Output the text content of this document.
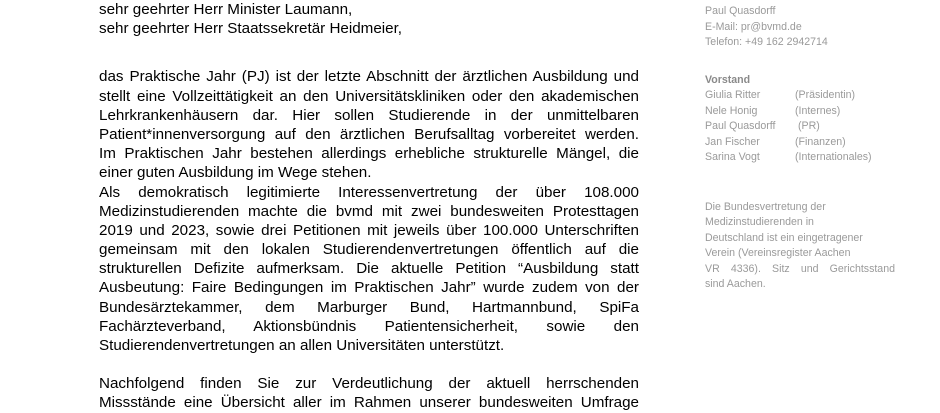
sehr geehrter Herr Minister Laumann,
sehr geehrter Herr Staatssekretär Heidmeier,
das Praktische Jahr (PJ) ist der letzte Abschnitt der ärztlichen Ausbildung und
stellt eine Vollzeittätigkeit an den Universitätskliniken oder den akademischen
Lehrkrankenhäusern dar. Hier sollen Studierende in der unmittelbaren
Patient*innenversorgung auf den ärztlichen Berufsalltag vorbereitet werden.
Im Praktischen Jahr bestehen allerdings erhebliche strukturelle Mängel, die
einer guten Ausbildung im Wege stehen.
Als demokratisch legitimierte Interessenvertretung der über 108.000
Medizinstudierenden machte die bvmd mit zwei bundesweiten Protesttagen
2019 und 2023, sowie drei Petitionen mit jeweils über 100.000 Unterschriften
gemeinsam mit den lokalen Studierendenvertretungen öffentlich auf die
strukturellen Defizite aufmerksam. Die aktuelle Petition “Ausbildung statt
Ausbeutung: Faire Bedingungen im Praktischen Jahr” wurde zudem von der
Bundesärztekammer, dem Marburger Bund, Hartmannbund, SpiFa
Fachärzteverband, Aktionsbündnis Patientensicherheit, sowie den
Studierendenvertretungen an allen Universitäten unterstützt.
Nachfolgend finden Sie zur Verdeutlichung der aktuell herrschenden
Missstände eine Übersicht aller im Rahmen unserer bundesweiten Umfrage
Paul Quasdorff
E-Mail: pr@bvmd.de
Telefon: +49 162 2942714
Vorstand
Giulia Ritter	(Präsidentin)
Nele Honig	(Internes)
Paul Quasdorff	(PR)
Jan Fischer	(Finanzen)
Sarina Vogt	(Internationales)
Die Bundesvertretung der
Medizinstudierenden in
Deutschland ist ein eingetragener
Verein (Vereinsregister Aachen
VR 4336). Sitz und Gerichtsstand
sind Aachen.
